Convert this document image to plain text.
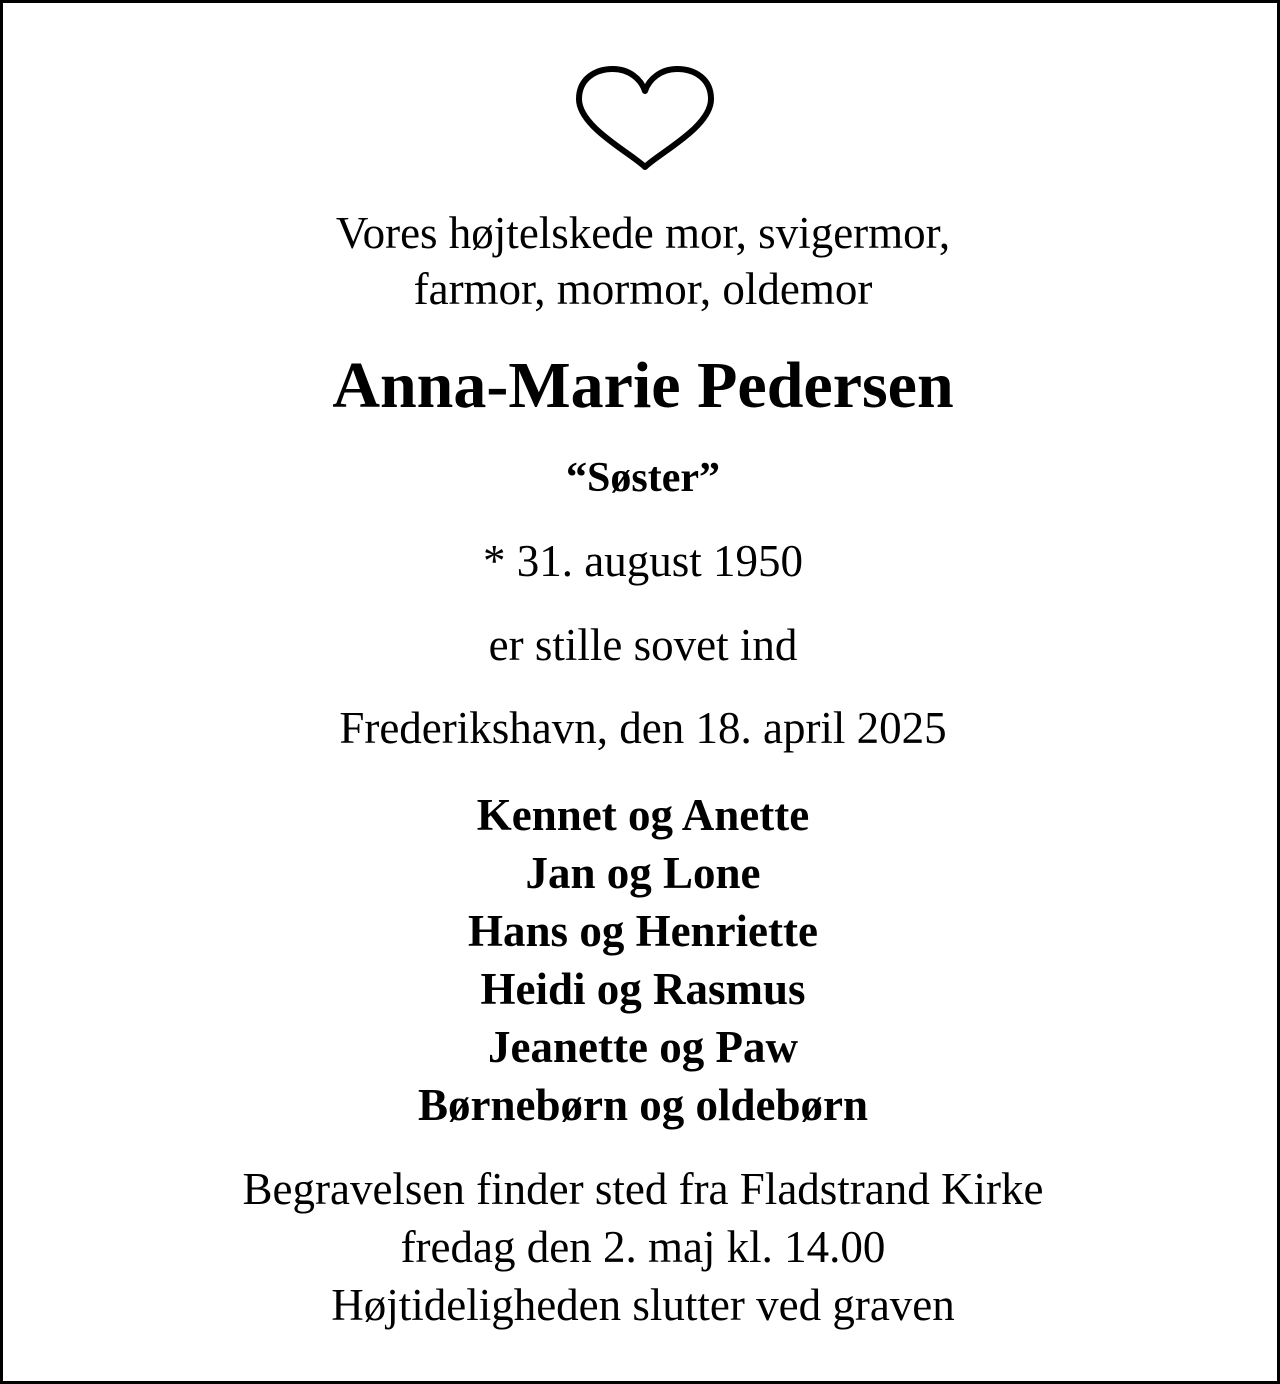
Vores højtelskede mor, svigermor,
farmor, mormor, oldemor
Anna-Marie Pedersen
“Søster”
* 31. august 1950
er stille sovet ind
Frederikshavn, den 18. april 2025
Kennet og Anette
Jan og Lone
Hans og Henriette
Heidi og Rasmus
Jeanette og Paw
Børnebørn og oldebørn
Begravelsen finder sted fra Fladstrand Kirke
fredag den 2. maj kl. 14.00
Højtideligheden slutter ved graven
